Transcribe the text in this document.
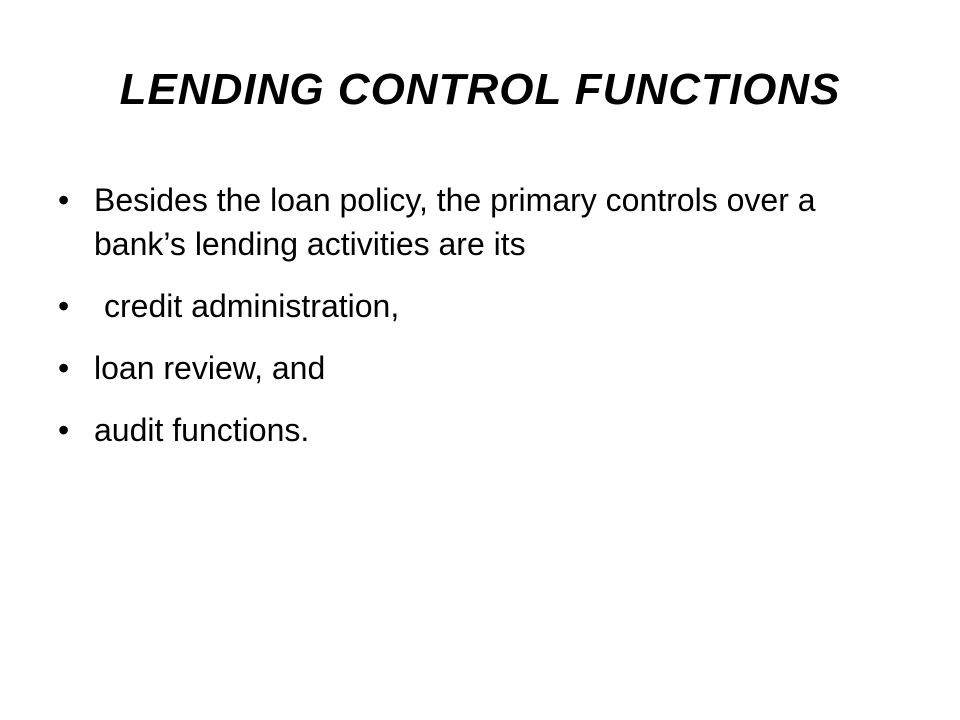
LENDING CONTROL FUNCTIONS
• Besides the loan policy, the primary controls over a bank’s lending activities are its
•	credit administration,
• loan review, and
• audit functions.
